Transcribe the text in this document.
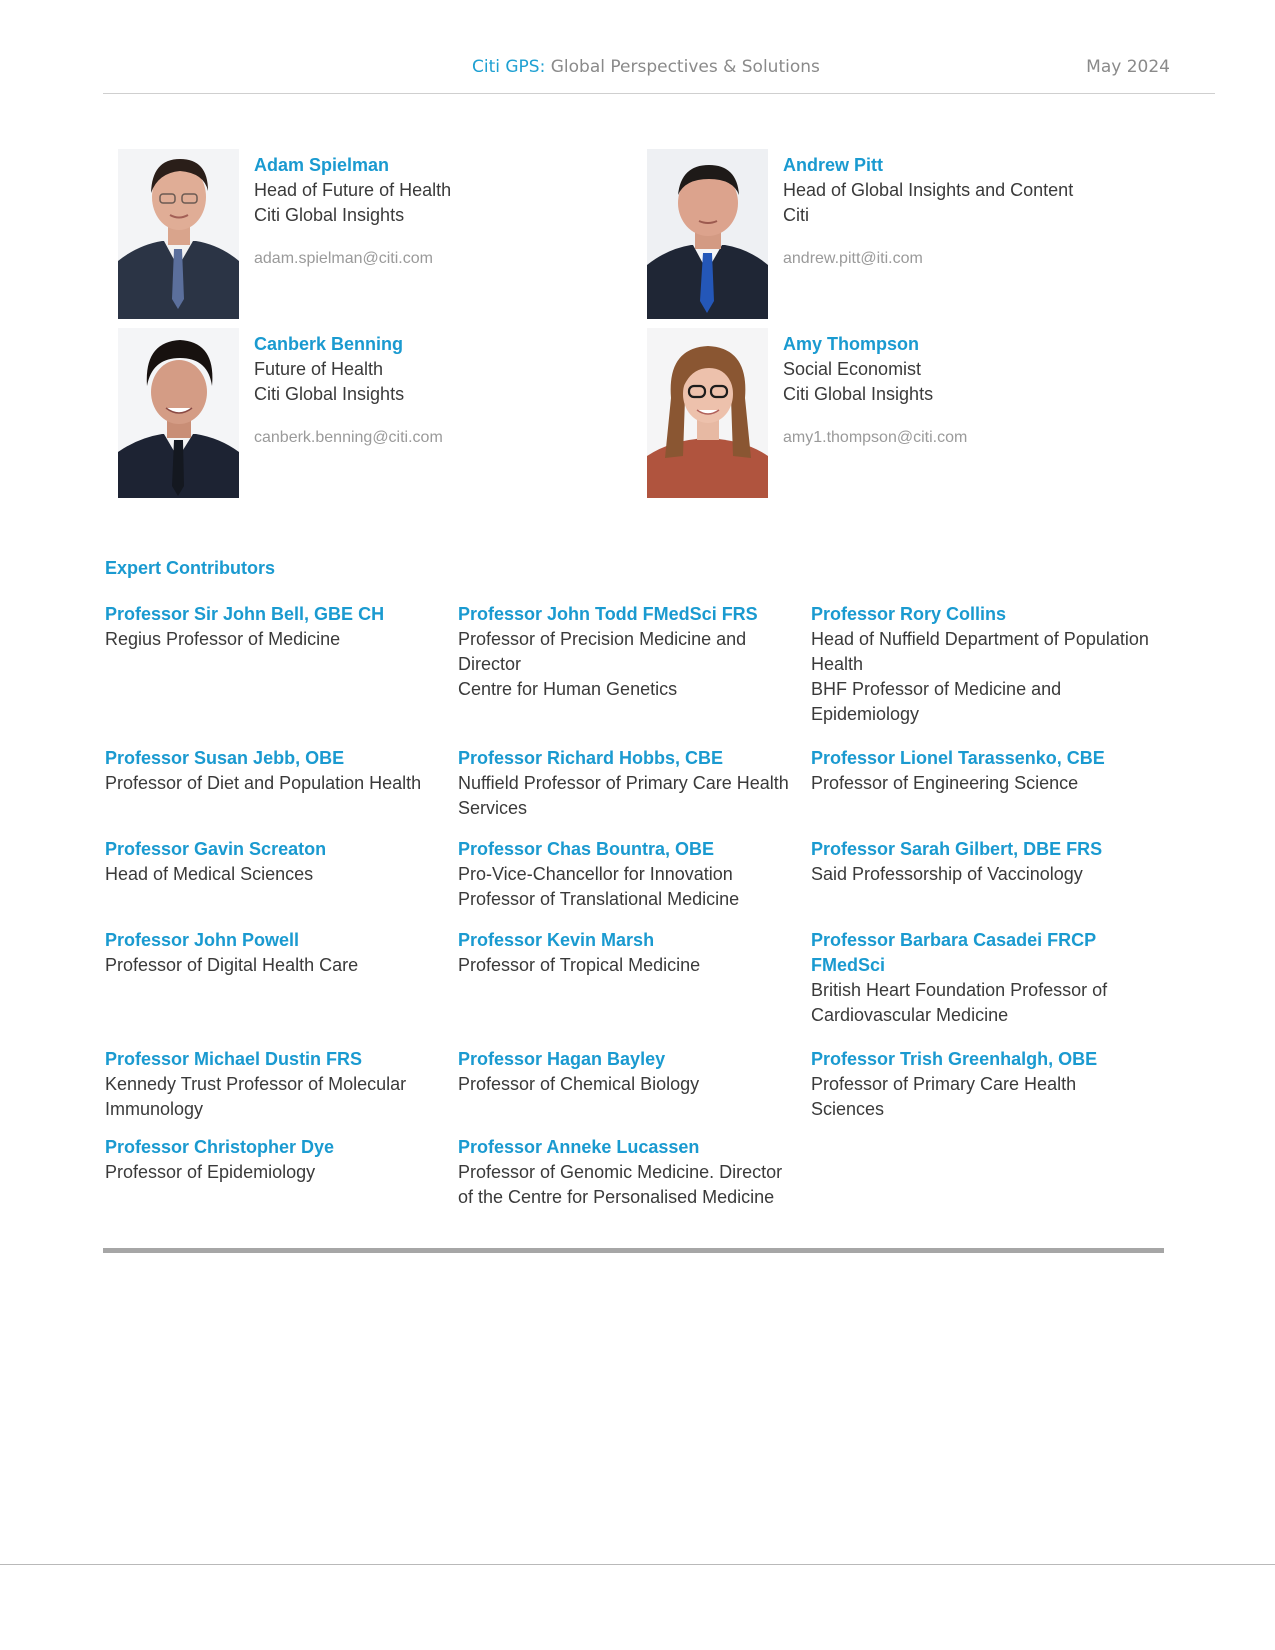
Citi GPS: Global Perspectives & Solutions	May 2024
Adam Spielman
Head of Future of Health
Citi Global Insights
adam.spielman@citi.com
Andrew Pitt
Head of Global Insights and Content
Citi
andrew.pitt@iti.com
Canberk Benning
Future of Health
Citi Global Insights
canberk.benning@citi.com
Amy Thompson
Social Economist
Citi Global Insights
amy1.thompson@citi.com
Expert Contributors
Professor Sir John Bell, GBE CH
Regius Professor of Medicine
Professor John Todd FMedSci FRS
Professor of Precision Medicine and
Director
Centre for Human Genetics
Professor Rory Collins
Head of Nuffield Department of Population
Health
BHF Professor of Medicine and
Epidemiology
Professor Susan Jebb, OBE
Professor of Diet and Population Health
Professor Richard Hobbs, CBE
Nuffield Professor of Primary Care Health
Services
Professor Lionel Tarassenko, CBE
Professor of Engineering Science
Professor Gavin Screaton
Head of Medical Sciences
Professor Chas Bountra, OBE
Pro-Vice-Chancellor for Innovation
Professor of Translational Medicine
Professor Sarah Gilbert, DBE FRS
Said Professorship of Vaccinology
Professor John Powell
Professor of Digital Health Care
Professor Kevin Marsh
Professor of Tropical Medicine
Professor Barbara Casadei FRCP FMedSci
British Heart Foundation Professor of
Cardiovascular Medicine
Professor Michael Dustin FRS
Kennedy Trust Professor of Molecular
Immunology
Professor Hagan Bayley
Professor of Chemical Biology
Professor Trish Greenhalgh, OBE
Professor of Primary Care Health
Sciences
Professor Christopher Dye
Professor of Epidemiology
Professor Anneke Lucassen
Professor of Genomic Medicine. Director
of the Centre for Personalised Medicine
